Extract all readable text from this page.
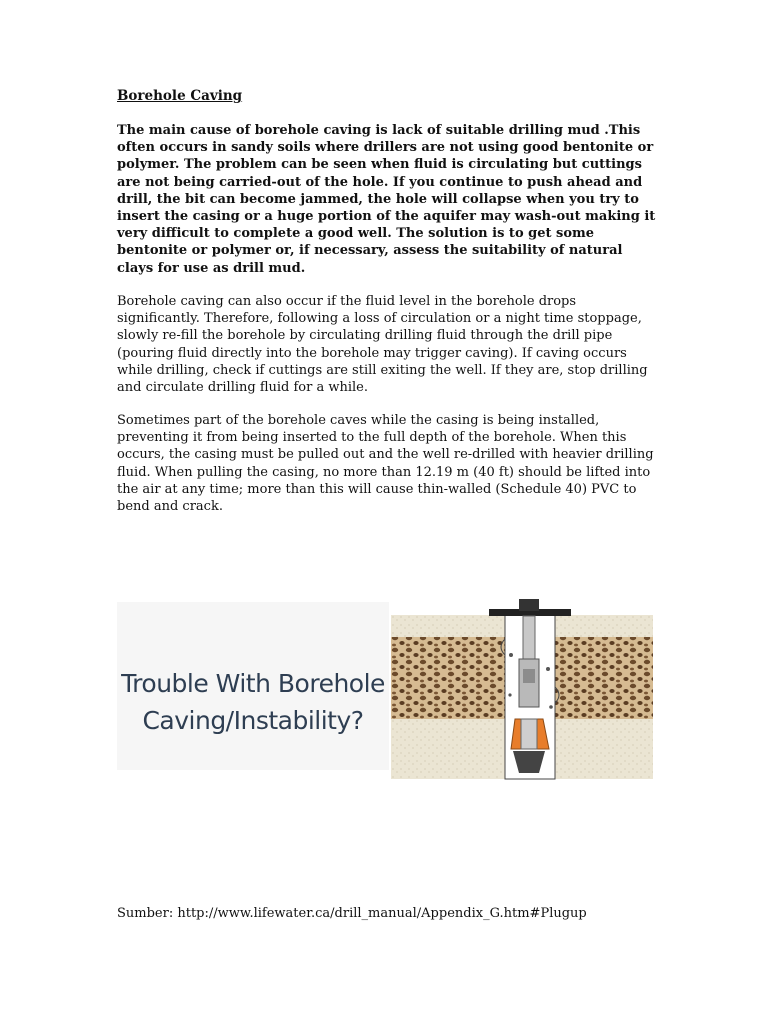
Borehole Caving

The main cause of borehole caving is lack of suitable drilling mud .This often occurs in sandy soils where drillers are not using good bentonite or polymer. The problem can be seen when fluid is circulating but cuttings are not being carried-out of the hole. If you continue to push ahead and drill, the bit can become jammed, the hole will collapse when you try to insert the casing or a huge portion of the aquifer may wash-out making it very difficult to complete a good well. The solution is to get some bentonite or polymer or, if necessary, assess the suitability of natural clays for use as drill mud.

Borehole caving can also occur if the fluid level in the borehole drops significantly. Therefore, following a loss of circulation or a night time stoppage, slowly re-fill the borehole by circulating drilling fluid through the drill pipe (pouring fluid directly into the borehole may trigger caving). If caving occurs while drilling, check if cuttings are still exiting the well. If they are, stop drilling and circulate drilling fluid for a while.

Sometimes part of the borehole caves while the casing is being installed, preventing it from being inserted to the full depth of the borehole. When this occurs, the casing must be pulled out and the well re-drilled with heavier drilling fluid. When pulling the casing, no more than 12.19 m (40 ft) should be lifted into the air at any time; more than this will cause thin-walled (Schedule 40) PVC to bend and crack.

Trouble With Borehole
Caving/Instability?

Sumber: http://www.lifewater.ca/drill_manual/Appendix_G.htm#Plugup
